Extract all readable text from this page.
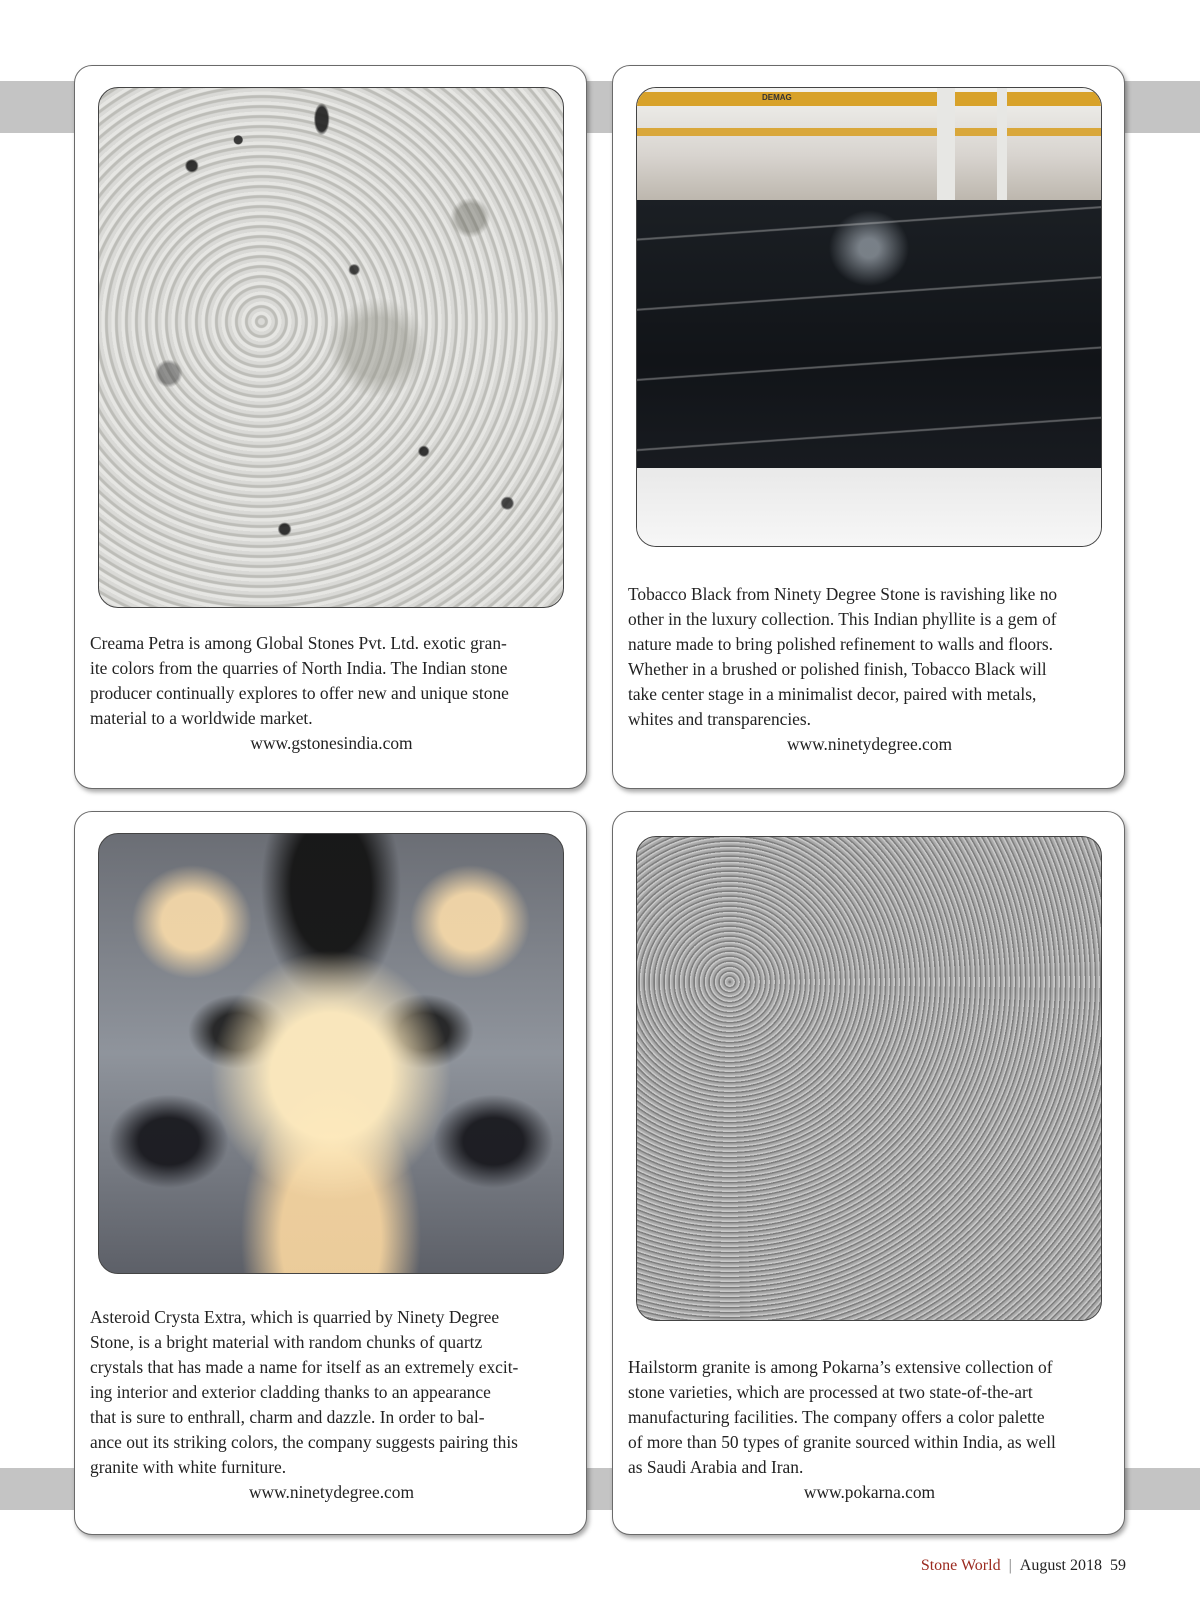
Creama Petra is among Global Stones Pvt. Ltd. exotic gran-

ite colors from the quarries of North India. The Indian stone

producer continually explores to offer new and unique stone

material to a worldwide market.

www.gstonesindia.com

DEMAG

Tobacco Black from Ninety Degree Stone is ravishing like no

other in the luxury collection. This Indian phyllite is a gem of

nature made to bring polished refinement to walls and floors.

Whether in a brushed or polished finish, Tobacco Black will

take center stage in a minimalist decor, paired with metals,

whites and transparencies.

www.ninetydegree.com

Asteroid Crysta Extra, which is quarried by Ninety Degree

Stone, is a bright material with random chunks of quartz

crystals that has made a name for itself as an extremely excit-

ing interior and exterior cladding thanks to an appearance

that is sure to enthrall, charm and dazzle. In order to bal-

ance out its striking colors, the company suggests pairing this

granite with white furniture.

www.ninetydegree.com

Hailstorm granite is among Pokarna’s extensive collection of

stone varieties, which are processed at two state-of-the-art

manufacturing facilities. The company offers a color palette

of more than 50 types of granite sourced within India, as well

as Saudi Arabia and Iran.

www.pokarna.com

Stone World | August 2018 59
